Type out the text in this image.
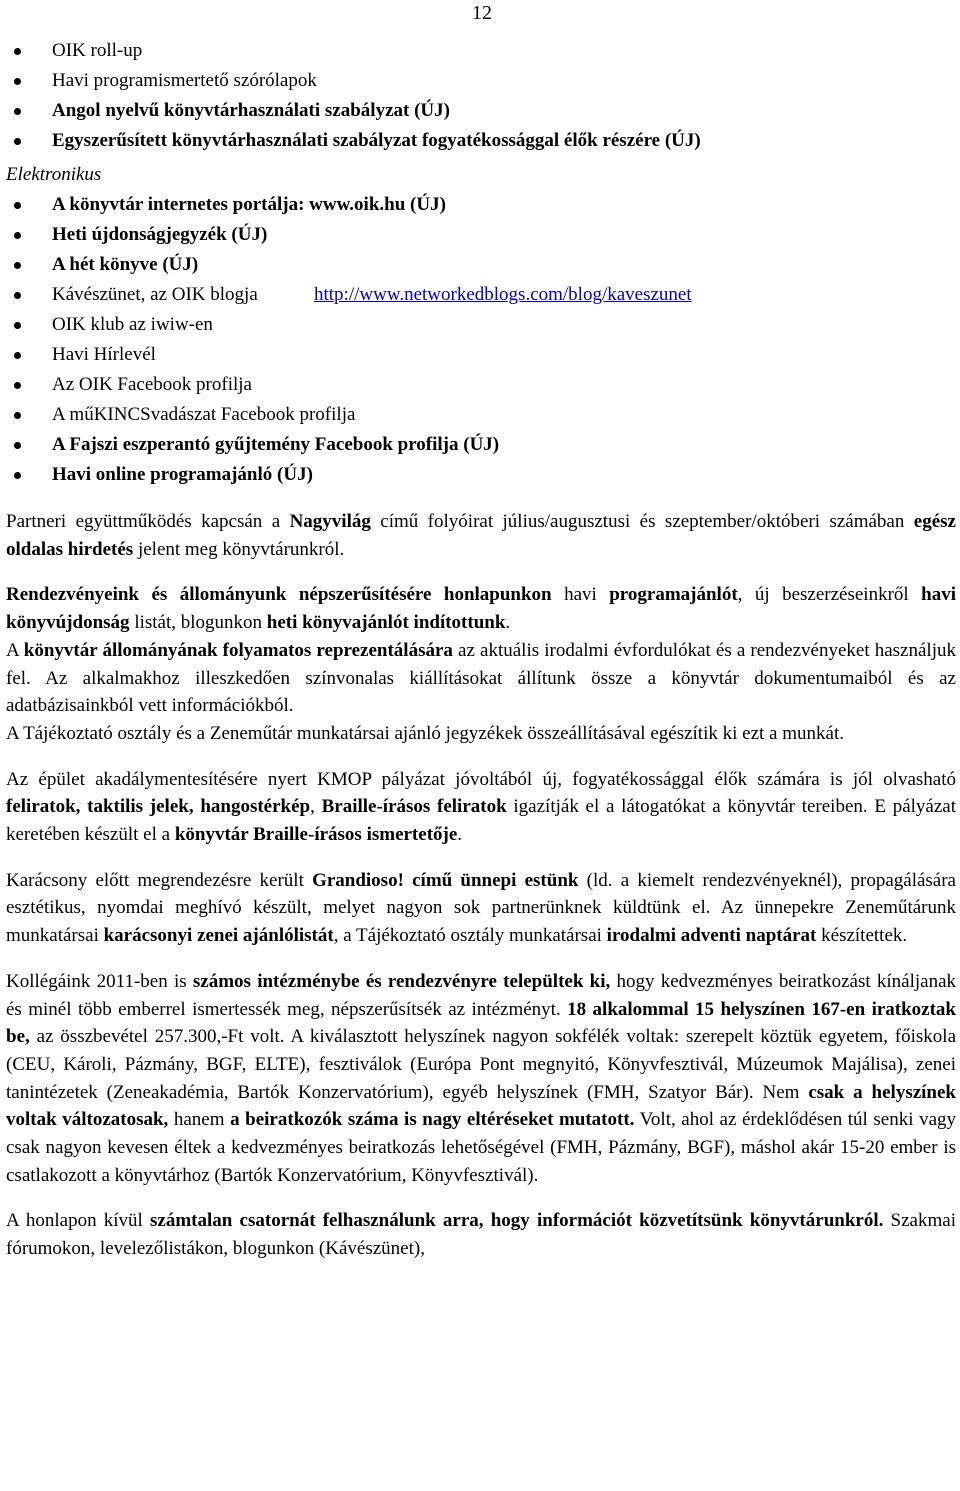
12
OIK roll-up
Havi programismertető szórólapok
Angol nyelvű könyvtárhasználati szabályzat (ÚJ)
Egyszerűsített könyvtárhasználati szabályzat fogyatékossággal élők részére (ÚJ)
Elektronikus
A könyvtár internetes portálja: www.oik.hu (ÚJ)
Heti újdonságjegyzék (ÚJ)
A hét könyve (ÚJ)
Kávészünet, az OIK blogja	http://www.networkedblogs.com/blog/kaveszunet
OIK klub az iwiw-en
Havi Hírlevél
Az OIK Facebook profilja
A műKINCSvadászat Facebook profilja
A Fajszi eszperantó gyűjtemény Facebook profilja (ÚJ)
Havi online programajánló (ÚJ)

Partneri együttműködés kapcsán a Nagyvilág című folyóirat július/augusztusi és szeptember/októberi számában egész oldalas hirdetés jelent meg könyvtárunkról.

Rendezvényeink és állományunk népszerűsítésére honlapunkon havi programajánlót, új beszerzéseinkről havi könyvújdonság listát, blogunkon heti könyvajánlót indítottunk.

A könyvtár állományának folyamatos reprezentálására az aktuális irodalmi évfordulókat és a rendezvényeket használjuk fel. Az alkalmakhoz illeszkedően színvonalas kiállításokat állítunk össze a könyvtár dokumentumaiból és az adatbázisainkból vett információkból.

A Tájékoztató osztály és a Zeneműtár munkatársai ajánló jegyzékek összeállításával egészítik ki ezt a munkát.

Az épület akadálymentesítésére nyert KMOP pályázat jóvoltából új, fogyatékossággal élők számára is jól olvasható feliratok, taktilis jelek, hangostérkép, Braille-írásos feliratok igazítják el a látogatókat a könyvtár tereiben. E pályázat keretében készült el a könyvtár Braille-írásos ismertetője.

Karácsony előtt megrendezésre került Grandioso! című ünnepi estünk (ld. a kiemelt rendezvényeknél), propagálására esztétikus, nyomdai meghívó készült, melyet nagyon sok partnerünknek küldtünk el. Az ünnepekre Zeneműtárunk munkatársai karácsonyi zenei ajánlólistát, a Tájékoztató osztály munkatársai irodalmi adventi naptárat készítettek.

Kollégáink 2011-ben is számos intézménybe és rendezvényre települtek ki, hogy kedvezményes beiratkozást kínáljanak és minél több emberrel ismertessék meg, népszerűsítsék az intézményt. 18 alkalommal 15 helyszínen 167-en iratkoztak be, az összbevétel 257.300,-Ft volt. A kiválasztott helyszínek nagyon sokfélék voltak: szerepelt köztük egyetem, főiskola (CEU, Károli, Pázmány, BGF, ELTE), fesztiválok (Európa Pont megnyitó, Könyvfesztivál, Múzeumok Majálisa), zenei tanintézetek (Zeneakadémia, Bartók Konzervatórium), egyéb helyszínek (FMH, Szatyor Bár). Nem csak a helyszínek voltak változatosak, hanem a beiratkozók száma is nagy eltéréseket mutatott. Volt, ahol az érdeklődésen túl senki vagy csak nagyon kevesen éltek a kedvezményes beiratkozás lehetőségével (FMH, Pázmány, BGF), máshol akár 15-20 ember is csatlakozott a könyvtárhoz (Bartók Konzervatórium, Könyvfesztivál).

A honlapon kívül számtalan csatornát felhasználunk arra, hogy információt közvetítsünk könyvtárunkról. Szakmai fórumokon, levelezőlistákon, blogunkon (Kávészünet),
